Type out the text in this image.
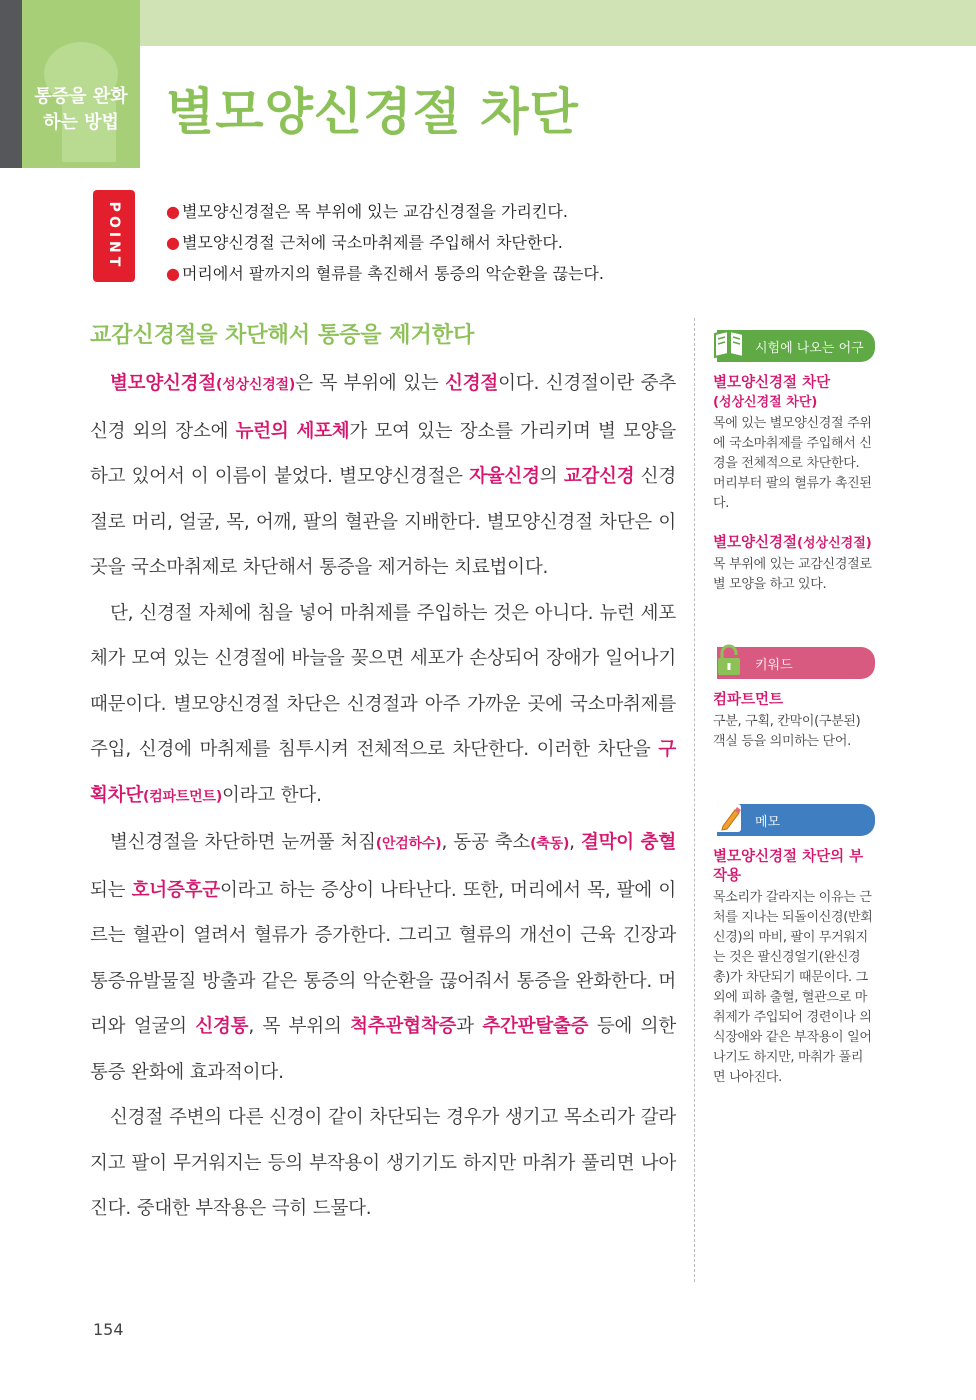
통증을 완화
하는 방법 별모양신경절 차단
POINT	● 별모양신경절은 목 부위에 있는 교감신경절을 가리킨다.
● 별모양신경절 근처에 국소마취제를 주입해서 차단한다.
● 머리에서 팔까지의 혈류를 촉진해서 통증의 악순환을 끊는다.
교감신경절을 차단해서 통증을 제거한다

별모양신경절(성상신경절)은 목 부위에 있는 신경절이다. 신경절이란 중추 신경 외의 장소에 뉴런의 세포체가 모여 있는 장소를 가리키며 별 모양을 하고 있어서 이 이름이 붙었다. 별모양신경절은 자율신경의 교감신경 신경절로 머리, 얼굴, 목, 어깨, 팔의 혈관을 지배한다. 별모양신경절 차단은 이곳을 국소마취제로 차단해서 통증을 제거하는 치료법이다.

단, 신경절 자체에 침을 넣어 마취제를 주입하는 것은 아니다. 뉴런 세포체가 모여 있는 신경절에 바늘을 꽂으면 세포가 손상되어 장애가 일어나기 때문이다. 별모양신경절 차단은 신경절과 아주 가까운 곳에 국소마취제를 주입, 신경에 마취제를 침투시켜 전체적으로 차단한다. 이러한 차단을 구획차단(컴파트먼트)이라고 한다.

별신경절을 차단하면 눈꺼풀 처짐(안검하수), 동공 축소(축동), 결막이 충혈되는 호너증후군이라고 하는 증상이 나타난다. 또한, 머리에서 목, 팔에 이르는 혈관이 열려서 혈류가 증가한다. 그리고 혈류의 개선이 근육 긴장과 통증유발물질 방출과 같은 통증의 악순환을 끊어줘서 통증을 완화한다. 머리와 얼굴의 신경통, 목 부위의 척추관협착증과 추간판탈출증 등에 의한 통증 완화에 효과적이다.

신경절 주변의 다른 신경이 같이 차단되는 경우가 생기고 목소리가 갈라지고 팔이 무거워지는 등의 부작용이 생기기도 하지만 마취가 풀리면 나아진다. 중대한 부작용은 극히 드물다.

시험에 나오는 어구
별모양신경절 차단
(성상신경절 차단)

목에 있는 별모양신경절 주위에 국소마취제를 주입해서 신경을 전체적으로 차단한다. 머리부터 팔의 혈류가 촉진된다.

별모양신경절(성상신경절)

목 부위에 있는 교감신경절로 별 모양을 하고 있다.

키워드
컴파트먼트

구분, 구획, 칸막이(구분된) 객실 등을 의미하는 단어.

메모
별모양신경절 차단의 부작용

목소리가 갈라지는 이유는 근처를 지나는 되돌이신경(반회신경)의 마비, 팔이 무거워지는 것은 팔신경얼기(완신경총)가 차단되기 때문이다. 그 외에 피하 출혈, 혈관으로 마취제가 주입되어 경련이나 의식장애와 같은 부작용이 일어나기도 하지만, 마취가 풀리면 나아진다.

154
